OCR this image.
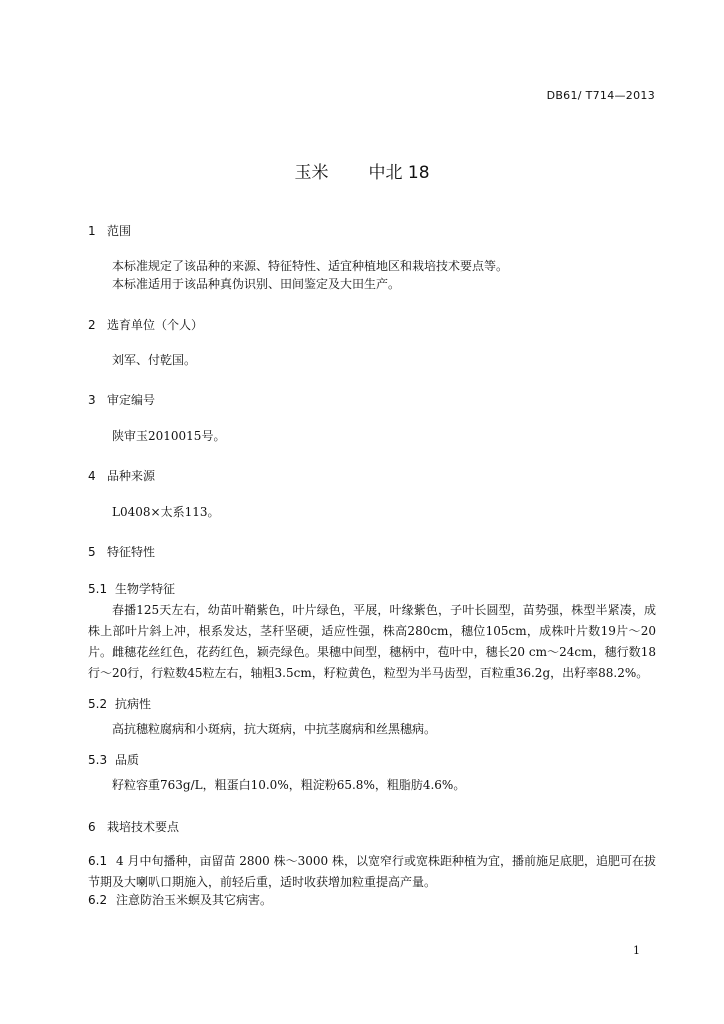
DB61/ T714—2013
玉米 中北 18
1 范围
本标准规定了该品种的来源、特征特性、适宜种植地区和栽培技术要点等。
本标准适用于该品种真伪识别、田间鉴定及大田生产。
2 选育单位（个人）
刘军、付乾国。
3 审定编号
陕审玉2010015号。
4 品种来源
L0408×太系113。
5 特征特性
5.1 生物学特征
春播125天左右，幼苗叶鞘紫色，叶片绿色，平展，叶缘紫色，子叶长圆型，苗势强，株型半紧凑，成株上部叶片斜上冲，根系发达，茎秆坚硬，适应性强，株高280cm，穗位105cm，成株叶片数19片～20片。雌穗花丝红色，花药红色，颖壳绿色。果穗中间型，穗柄中，苞叶中，穗长20 cm～24cm，穗行数18行～20行，行粒数45粒左右，轴粗3.5cm，籽粒黄色，粒型为半马齿型，百粒重36.2g，出籽率88.2%。
5.2 抗病性
高抗穗粒腐病和小斑病，抗大斑病，中抗茎腐病和丝黑穗病。
5.3 品质
籽粒容重763g/L，粗蛋白10.0%，粗淀粉65.8%，粗脂肪4.6%。
6 栽培技术要点
6.1 4 月中旬播种，亩留苗 2800 株～3000 株，以宽窄行或宽株距种植为宜，播前施足底肥，追肥可在拔节期及大喇叭口期施入，前轻后重，适时收获增加粒重提高产量。
6.2 注意防治玉米螟及其它病害。
1
